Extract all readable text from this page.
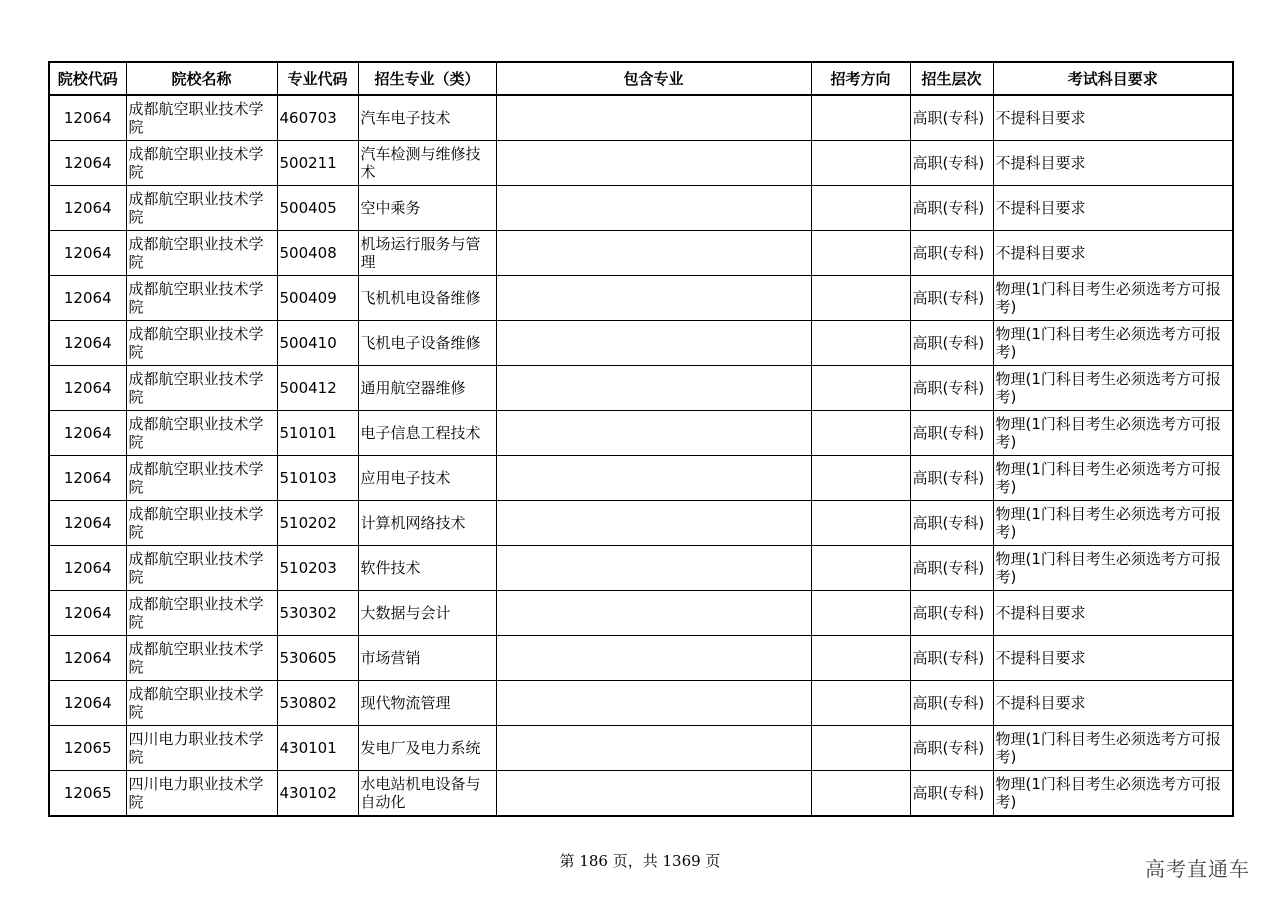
院校代码	院校名称	专业代码	招生专业（类）	包含专业	招考方向	招生层次	考试科目要求
12064	成都航空职业技术学院	460703	汽车电子技术			高职(专科)	不提科目要求
12064	成都航空职业技术学院	500211	汽车检测与维修技术			高职(专科)	不提科目要求
12064	成都航空职业技术学院	500405	空中乘务			高职(专科)	不提科目要求
12064	成都航空职业技术学院	500408	机场运行服务与管理			高职(专科)	不提科目要求
12064	成都航空职业技术学院	500409	飞机机电设备维修			高职(专科)	物理(1门科目考生必须选考方可报考)
12064	成都航空职业技术学院	500410	飞机电子设备维修			高职(专科)	物理(1门科目考生必须选考方可报考)
12064	成都航空职业技术学院	500412	通用航空器维修			高职(专科)	物理(1门科目考生必须选考方可报考)
12064	成都航空职业技术学院	510101	电子信息工程技术			高职(专科)	物理(1门科目考生必须选考方可报考)
12064	成都航空职业技术学院	510103	应用电子技术			高职(专科)	物理(1门科目考生必须选考方可报考)
12064	成都航空职业技术学院	510202	计算机网络技术			高职(专科)	物理(1门科目考生必须选考方可报考)
12064	成都航空职业技术学院	510203	软件技术			高职(专科)	物理(1门科目考生必须选考方可报考)
12064	成都航空职业技术学院	530302	大数据与会计			高职(专科)	不提科目要求
12064	成都航空职业技术学院	530605	市场营销			高职(专科)	不提科目要求
12064	成都航空职业技术学院	530802	现代物流管理			高职(专科)	不提科目要求
12065	四川电力职业技术学院	430101	发电厂及电力系统			高职(专科)	物理(1门科目考生必须选考方可报考)
12065	四川电力职业技术学院	430102	水电站机电设备与自动化			高职(专科)	物理(1门科目考生必须选考方可报考)
第 186 页，共 1369 页	高考直通车
